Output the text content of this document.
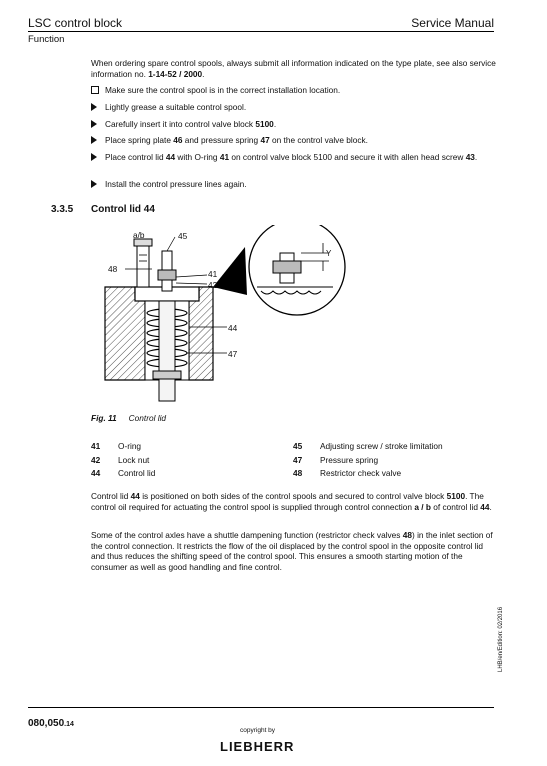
LSC control block	Service Manual
Function
When ordering spare control spools, always submit all information indicated on the type plate, see also service information no. 1-14-52 / 2000.
Make sure the control spool is in the correct installation location.
Lightly grease a suitable control spool.
Carefully insert it into control valve block 5100.
Place spring plate 46 and pressure spring 47 on the control valve block.
Place control lid 44 with O-ring 41 on control valve block 5100 and secure it with allen head screw 43.
Install the control pressure lines again.
3.3.5 Control lid 44
a/b	45
48	41
42
44
47
Y
Fig. 11 Control lid
41 O-ring	45 Adjusting screw / stroke limitation
42 Lock nut	47 Pressure spring
44 Control lid	48 Restrictor check valve
Control lid 44 is positioned on both sides of the control spools and secured to control valve block 5100. The control oil required for actuating the control spool is supplied through control connection a / b of control lid 44.
Some of the control axles have a shuttle dampening function (restrictor check valves 48) in the inlet section of the control connection. It restricts the flow of the oil displaced by the control spool in the opposite control lid and thus reduces the shifting speed of the control spool. This ensures a smooth starting motion of the consumer as well as good handling and fine control.
LHB/en/Edition: 02/2016
080,050.14
copyright by
LIEBHERR
